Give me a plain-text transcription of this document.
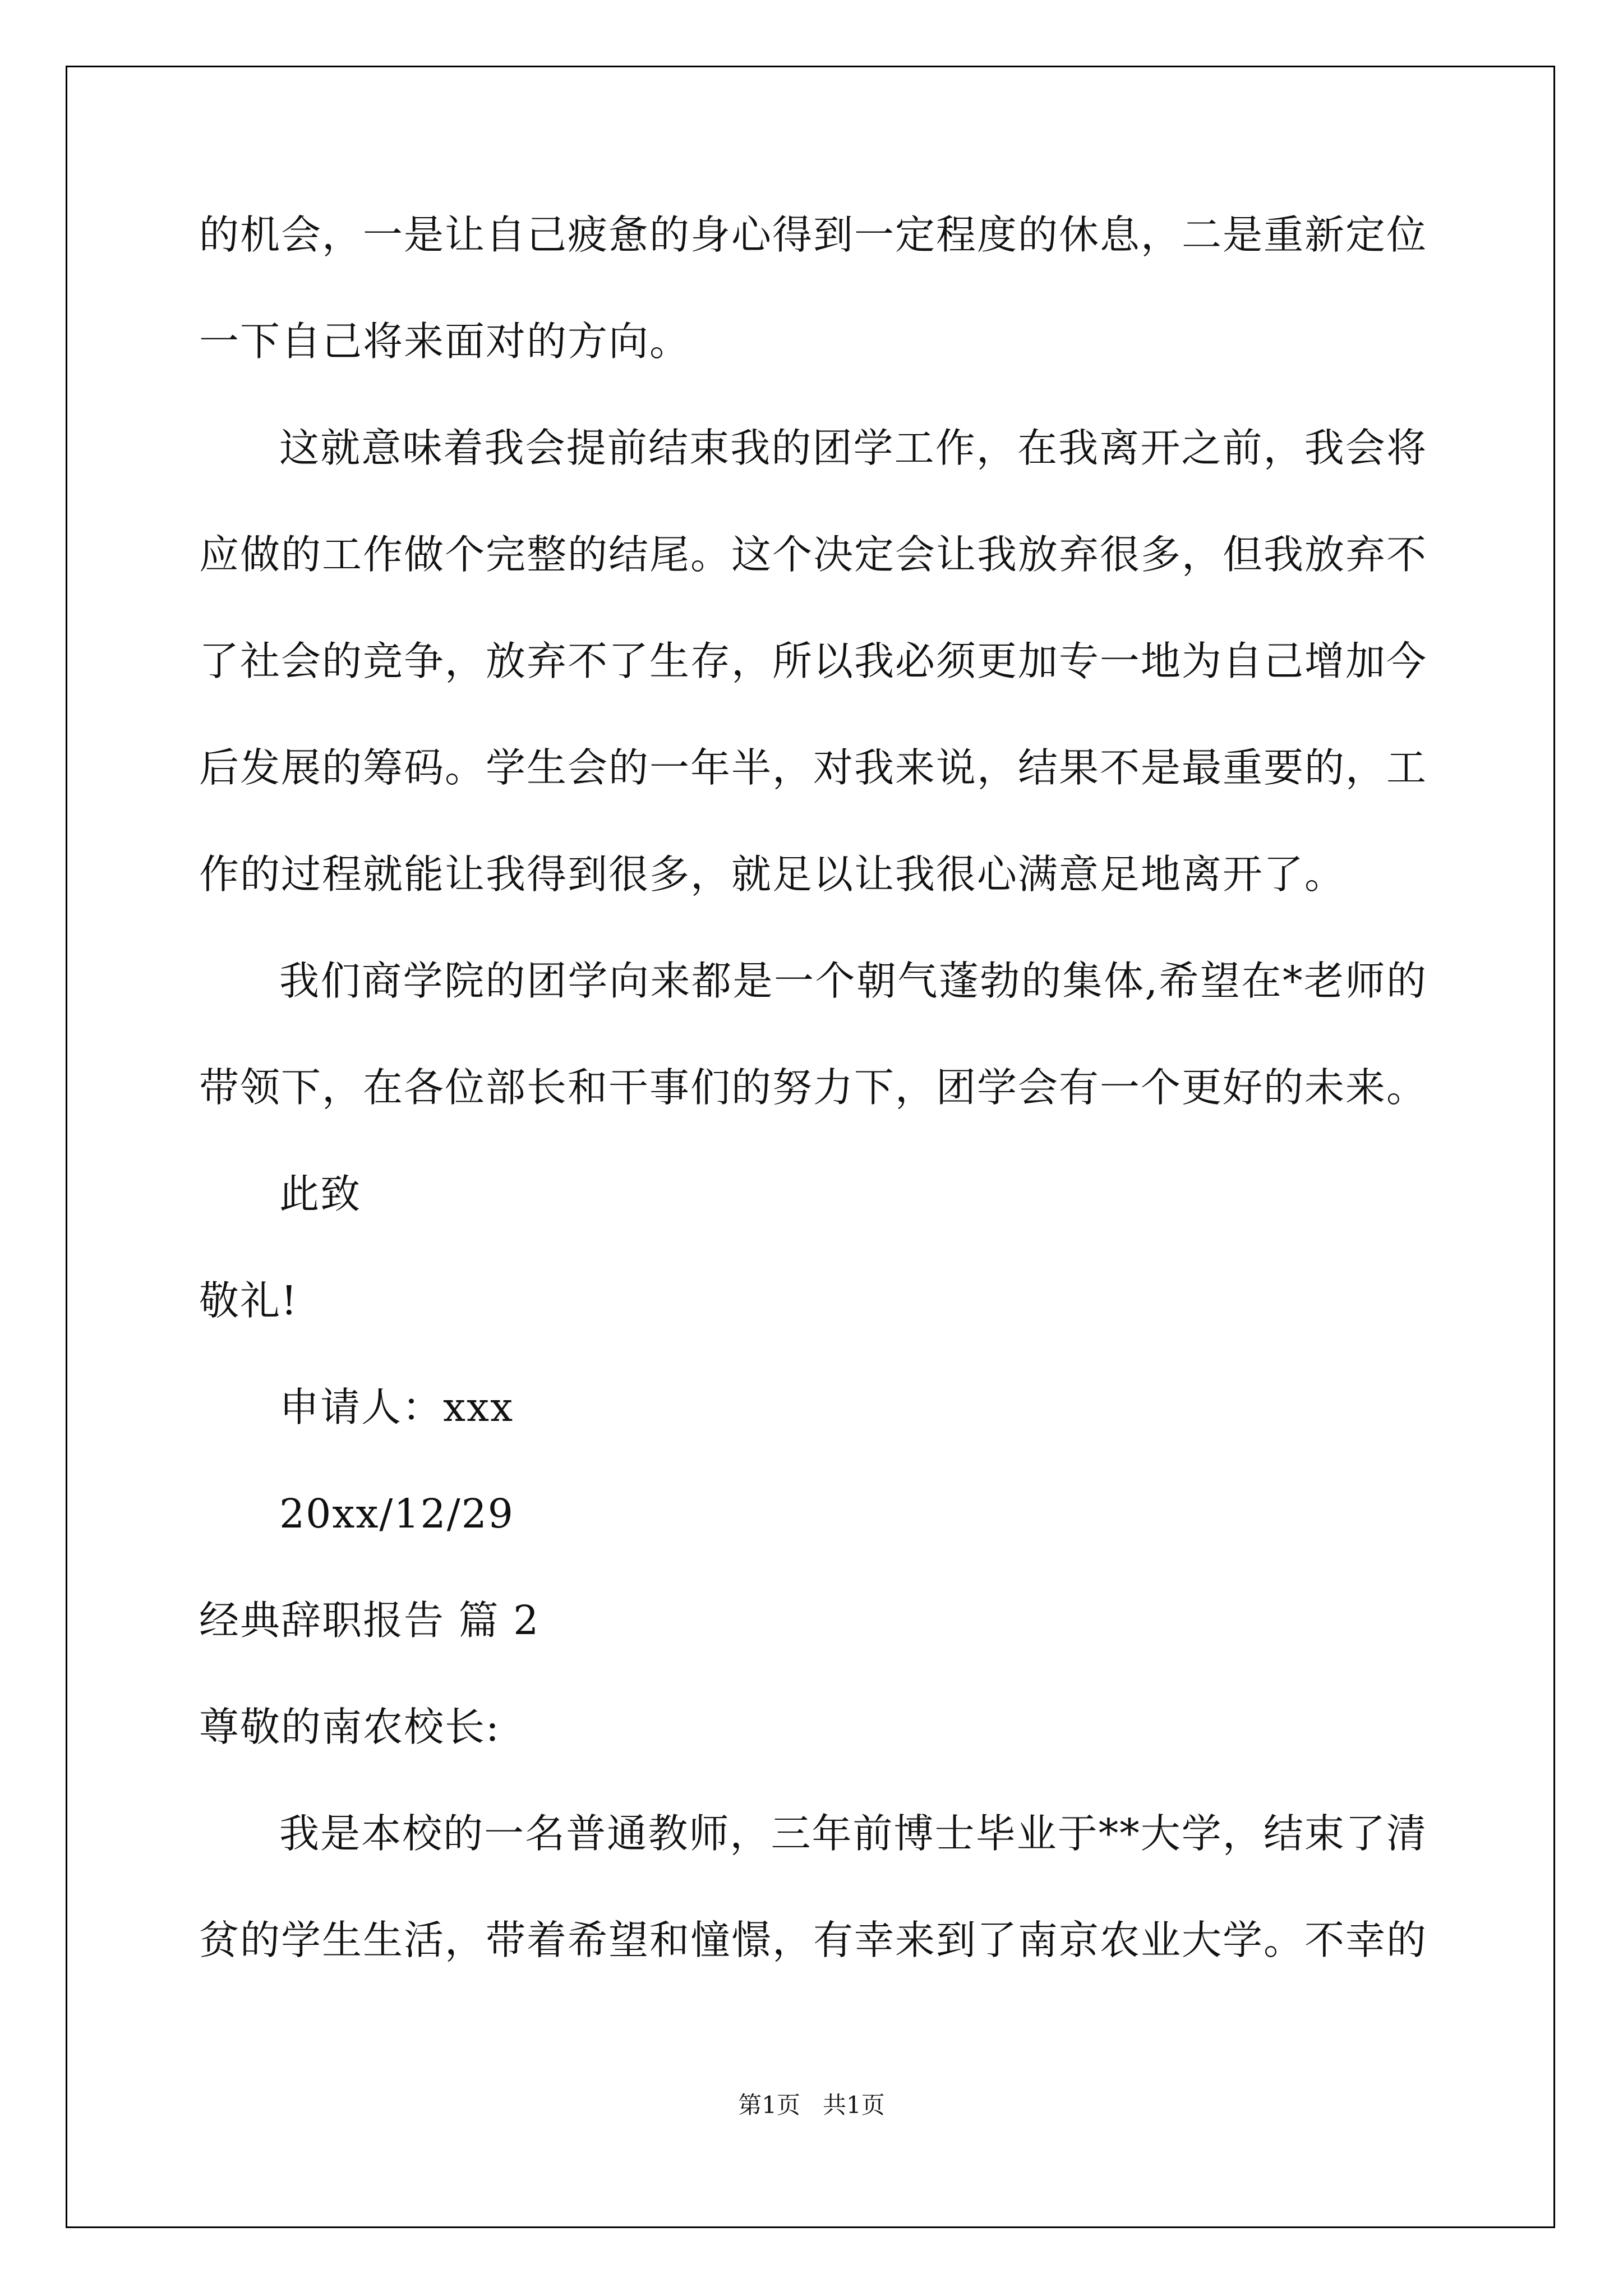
的机会，一是让自己疲惫的身心得到一定程度的休息，二是重新定位
一下自己将来面对的方向。
这就意味着我会提前结束我的团学工作，在我离开之前，我会将
应做的工作做个完整的结尾。这个决定会让我放弃很多，但我放弃不
了社会的竞争，放弃不了生存，所以我必须更加专一地为自己增加今
后发展的筹码。学生会的一年半，对我来说，结果不是最重要的，工
作的过程就能让我得到很多，就足以让我很心满意足地离开了。
我们商学院的团学向来都是一个朝气蓬勃的集体,希望在*老师的
带领下，在各位部长和干事们的努力下，团学会有一个更好的未来。
此致
敬礼!
申请人：xxx
20xx/12/29
经典辞职报告 篇 2
尊敬的南农校长:
我是本校的一名普通教师，三年前博士毕业于**大学，结束了清
贫的学生生活，带着希望和憧憬，有幸来到了南京农业大学。不幸的
第1页   共1页
